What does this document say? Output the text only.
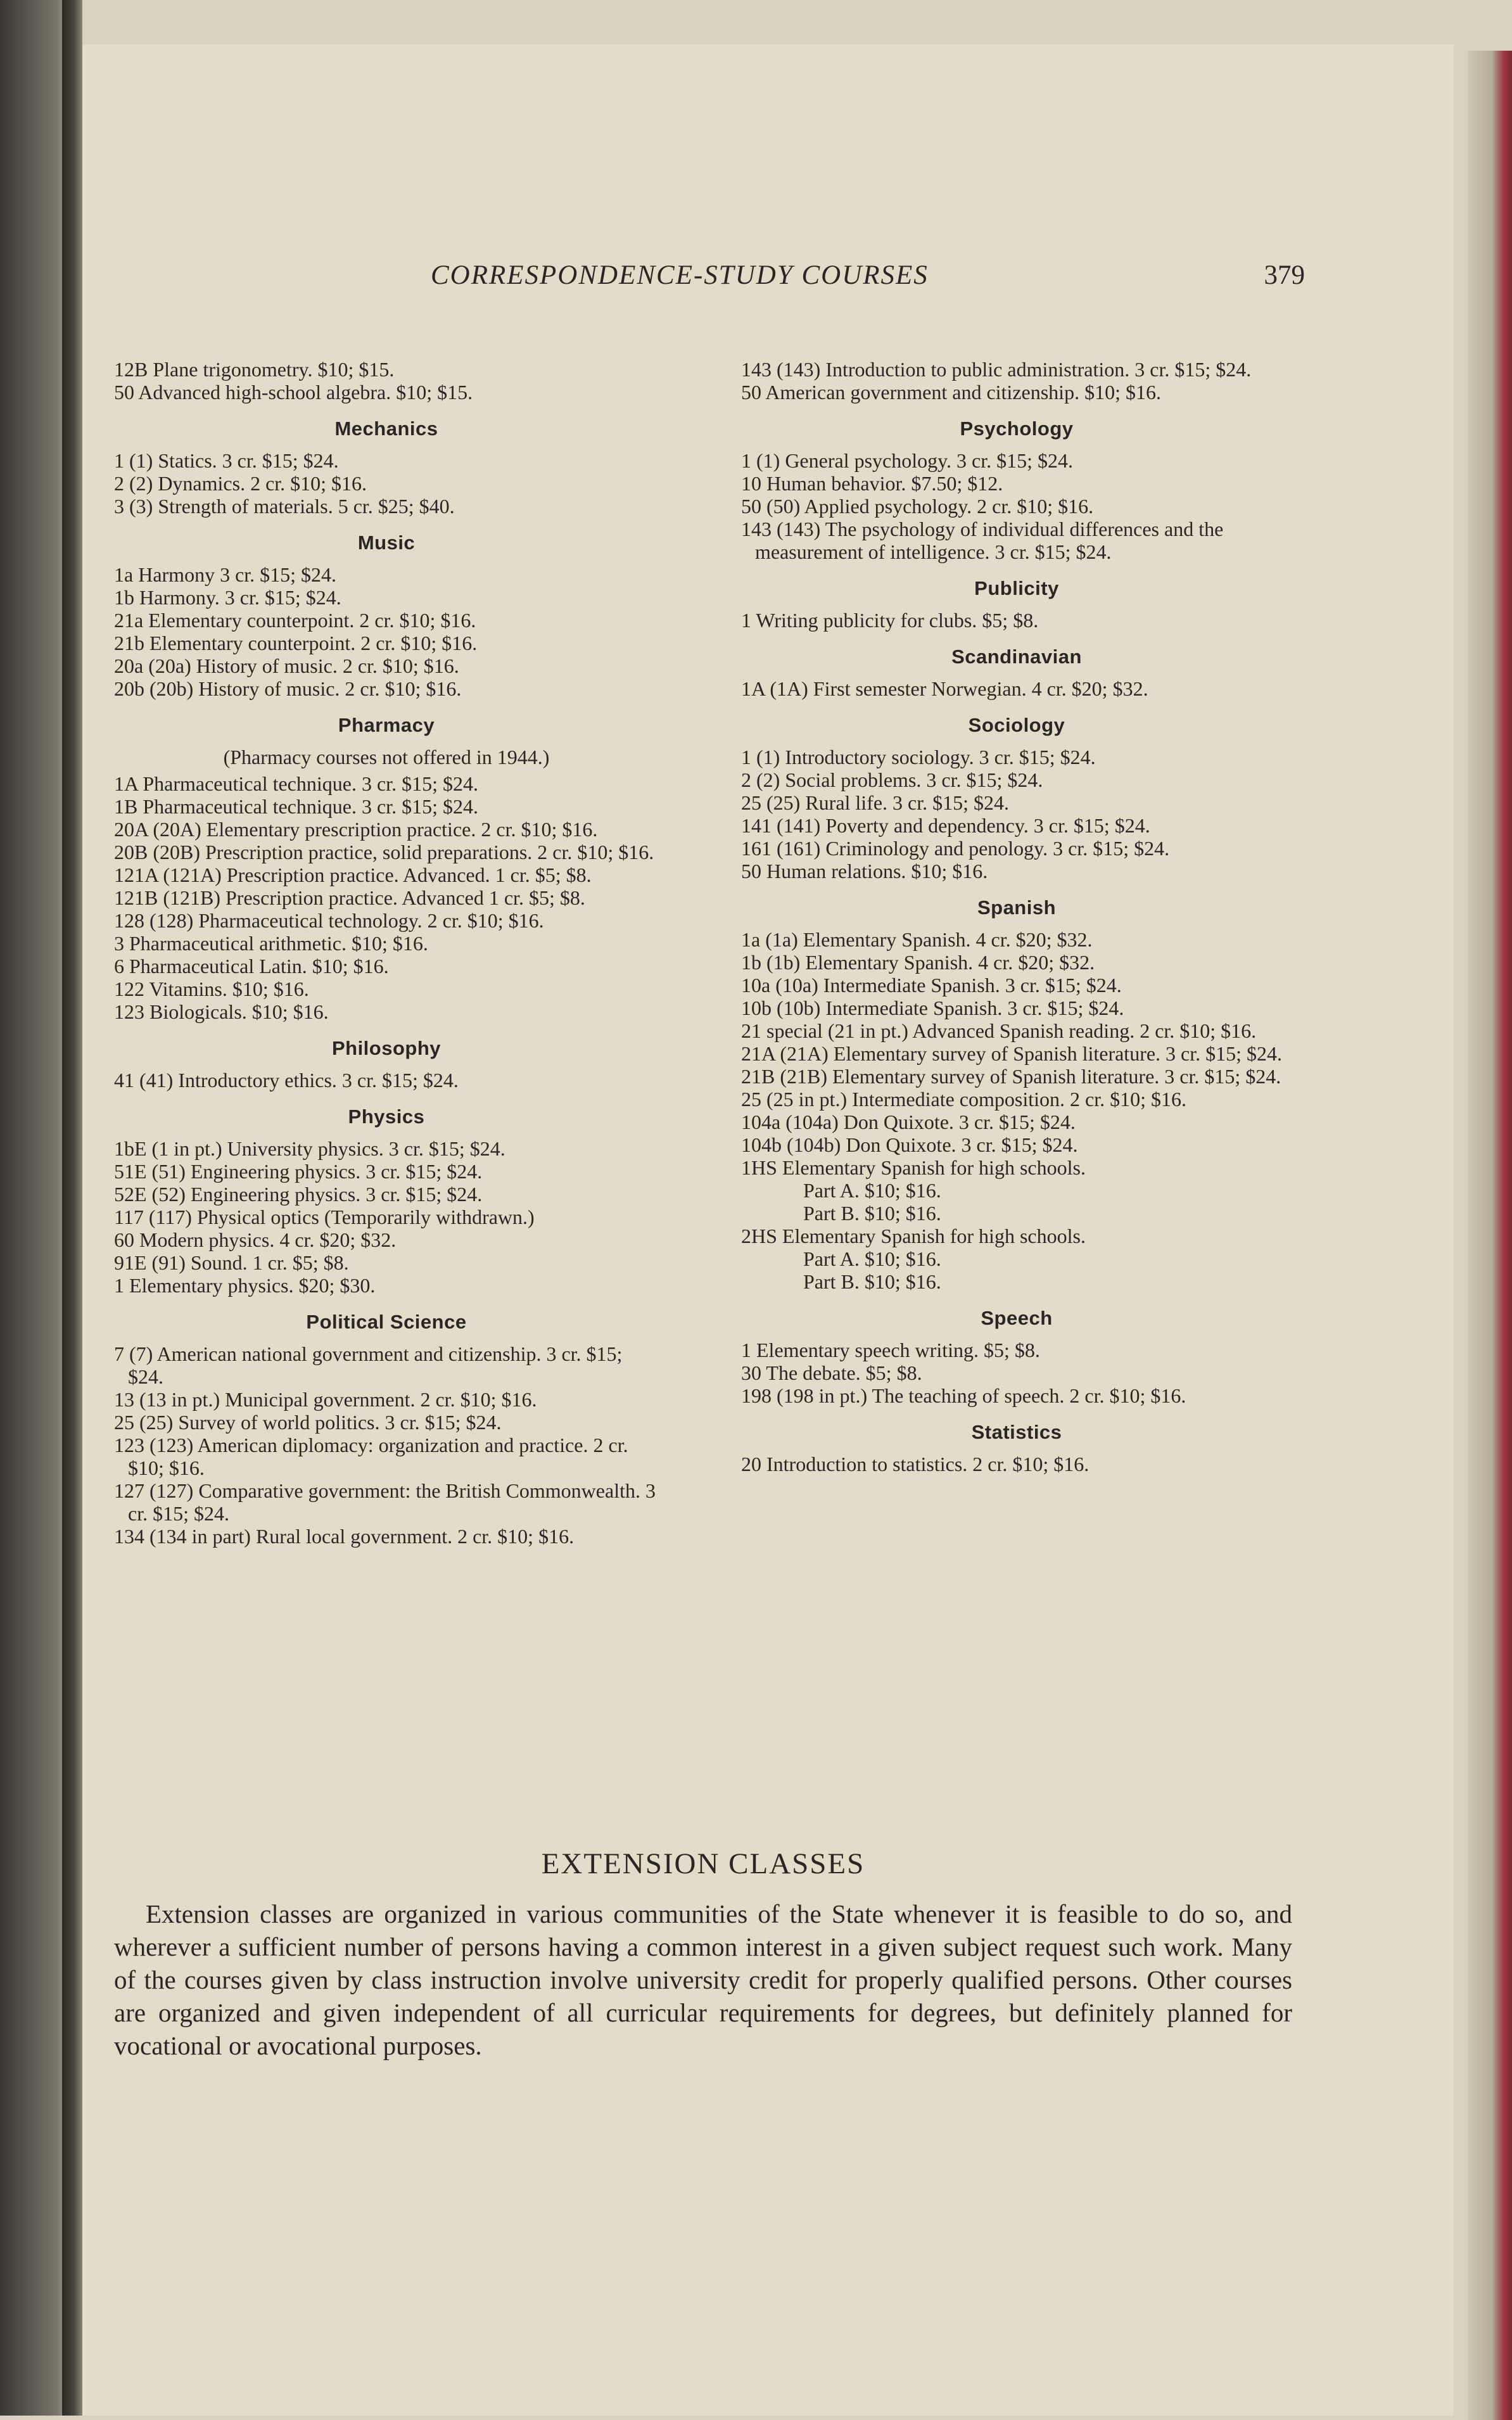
CORRESPONDENCE-STUDY COURSES	379
12B Plane trigonometry. $10; $15.
50 Advanced high-school algebra. $10; $15.
Mechanics
1 (1) Statics. 3 cr. $15; $24.
2 (2) Dynamics. 2 cr. $10; $16.
3 (3) Strength of materials. 5 cr. $25; $40.
Music
1a Harmony 3 cr. $15; $24.
1b Harmony. 3 cr. $15; $24.
21a Elementary counterpoint. 2 cr. $10; $16.
21b Elementary counterpoint. 2 cr. $10; $16.
20a (20a) History of music. 2 cr. $10; $16.
20b (20b) History of music. 2 cr. $10; $16.
Pharmacy
(Pharmacy courses not offered in 1944.)
1A Pharmaceutical technique. 3 cr. $15; $24.
1B Pharmaceutical technique. 3 cr. $15; $24.
20A (20A) Elementary prescription practice. 2 cr. $10; $16.
20B (20B) Prescription practice, solid preparations. 2 cr. $10; $16.
121A (121A) Prescription practice. Advanced. 1 cr. $5; $8.
121B (121B) Prescription practice. Advanced 1 cr. $5; $8.
128 (128) Pharmaceutical technology. 2 cr. $10; $16.
3 Pharmaceutical arithmetic. $10; $16.
6 Pharmaceutical Latin. $10; $16.
122 Vitamins. $10; $16.
123 Biologicals. $10; $16.
Philosophy
41 (41) Introductory ethics. 3 cr. $15; $24.
Physics
1bE (1 in pt.) University physics. 3 cr. $15; $24.
51E (51) Engineering physics. 3 cr. $15; $24.
52E (52) Engineering physics. 3 cr. $15; $24.
117 (117) Physical optics (Temporarily withdrawn.)
60 Modern physics. 4 cr. $20; $32.
91E (91) Sound. 1 cr. $5; $8.
1 Elementary physics. $20; $30.
Political Science
7 (7) American national government and citizenship. 3 cr. $15; $24.
13 (13 in pt.) Municipal government. 2 cr. $10; $16.
25 (25) Survey of world politics. 3 cr. $15; $24.
123 (123) American diplomacy: organization and practice. 2 cr. $10; $16.
127 (127) Comparative government: the British Commonwealth. 3 cr. $15; $24.
134 (134 in part) Rural local government. 2 cr. $10; $16.
143 (143) Introduction to public administration. 3 cr. $15; $24.
50 American government and citizenship. $10; $16.
Psychology
1 (1) General psychology. 3 cr. $15; $24.
10 Human behavior. $7.50; $12.
50 (50) Applied psychology. 2 cr. $10; $16.
143 (143) The psychology of individual differences and the measurement of intelligence. 3 cr. $15; $24.
Publicity
1 Writing publicity for clubs. $5; $8.
Scandinavian
1A (1A) First semester Norwegian. 4 cr. $20; $32.
Sociology
1 (1) Introductory sociology. 3 cr. $15; $24.
2 (2) Social problems. 3 cr. $15; $24.
25 (25) Rural life. 3 cr. $15; $24.
141 (141) Poverty and dependency. 3 cr. $15; $24.
161 (161) Criminology and penology. 3 cr. $15; $24.
50 Human relations. $10; $16.
Spanish
1a (1a) Elementary Spanish. 4 cr. $20; $32.
1b (1b) Elementary Spanish. 4 cr. $20; $32.
10a (10a) Intermediate Spanish. 3 cr. $15; $24.
10b (10b) Intermediate Spanish. 3 cr. $15; $24.
21 special (21 in pt.) Advanced Spanish reading. 2 cr. $10; $16.
21A (21A) Elementary survey of Spanish literature. 3 cr. $15; $24.
21B (21B) Elementary survey of Spanish literature. 3 cr. $15; $24.
25 (25 in pt.) Intermediate composition. 2 cr. $10; $16.
104a (104a) Don Quixote. 3 cr. $15; $24.
104b (104b) Don Quixote. 3 cr. $15; $24.
1HS Elementary Spanish for high schools.
Part A. $10; $16.
Part B. $10; $16.
2HS Elementary Spanish for high schools.
Part A. $10; $16.
Part B. $10; $16.
Speech
1 Elementary speech writing. $5; $8.
30 The debate. $5; $8.
198 (198 in pt.) The teaching of speech. 2 cr. $10; $16.
Statistics
20 Introduction to statistics. 2 cr. $10; $16.
EXTENSION CLASSES
Extension classes are organized in various communities of the State whenever it is feasible to do so, and wherever a sufficient number of persons having a common interest in a given subject request such work. Many of the courses given by class instruction involve university credit for properly qualified persons. Other courses are organized and given independent of all curricular requirements for degrees, but definitely planned for vocational or avocational purposes.
